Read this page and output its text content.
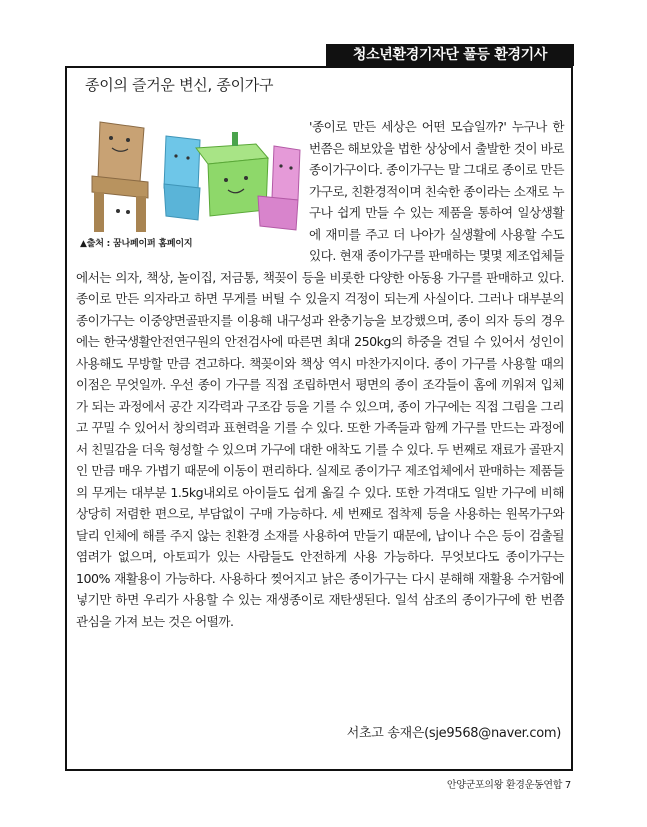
청소년환경기자단 풀등 환경기사
종이의 즐거운 변신, 종이가구

'종이로 만든 세상은 어떤 모습일까?' 누구나 한 번쯤은 해보았을 법한 상상에서 출발한 것이 바로 종이가구이다. 종이가구는 말 그대로 종이로 만든 가구로, 친환경적이며 친숙한 종이라는 소재로 누구나 쉽게 만들 수 있는 제품을 통하여 일상생활에 재미를 주고 더 나아가 실생활에 사용할 수도 있다. 현재 종이가구를 판매하는 몇몇 제조업체들에서는 의자, 책상, 놀이집, 저금통, 책꽂이 등을 비롯한 다양한 아동용 가구를 판매하고 있다. 종이로 만든 의자라고 하면 무게를 버틸 수 있을지 걱정이 되는게 사실이다. 그러나 대부분의 종이가구는 이중양면골판지를 이용해 내구성과 완충기능을 보강했으며, 종이 의자 등의 경우에는 한국생활안전연구원의 안전검사에 따른면 최대 250kg의 하중을 견딜 수 있어서 성인이 사용해도 무방할 만큼 견고하다. 책꽂이와 책상 역시 마찬가지이다. 종이 가구를 사용할 때의 이점은 무엇일까. 우선 종이 가구를 직접 조립하면서 평면의 종이 조각들이 홈에 끼워져 입체가 되는 과정에서 공간 지각력과 구조감 등을 기를 수 있으며, 종이 가구에는 직접 그림을 그리고 꾸밀 수 있어서 창의력과 표현력을 기를 수 있다. 또한 가족들과 함께 가구를 만드는 과정에서 친밀감을 더욱 형성할 수 있으며 가구에 대한 애착도 기를 수 있다. 두 번째로 재료가 골판지인 만큼 매우 가볍기 때문에 이동이 편리하다. 실제로 종이가구 제조업체에서 판매하는 제품들의 무게는 대부분 1.5kg내외로 아이들도 쉽게 옮길 수 있다. 또한 가격대도 일반 가구에 비해 상당히 저렴한 편으로, 부담없이 구매 가능하다. 세 번째로 접착제 등을 사용하는 원목가구와 달리 인체에 해를 주지 않는 친환경 소재를 사용하여 만들기 때문에, 납이나 수은 등이 검출될 염려가 없으며, 아토피가 있는 사람들도 안전하게 사용 가능하다. 무엇보다도 종이가구는 100% 재활용이 가능하다. 사용하다 찢어지고 낡은 종이가구는 다시 분해해 재활용 수거함에 넣기만 하면 우리가 사용할 수 있는 재생종이로 재탄생된다. 일석 삼조의 종이가구에 한 번쯤 관심을 가져 보는 것은 어떨까.

▲출처 : 꿈나페이퍼 홈페이지
서초고 송재은(sje9568@naver.com)
안양군포의왕 환경운동연합 7
